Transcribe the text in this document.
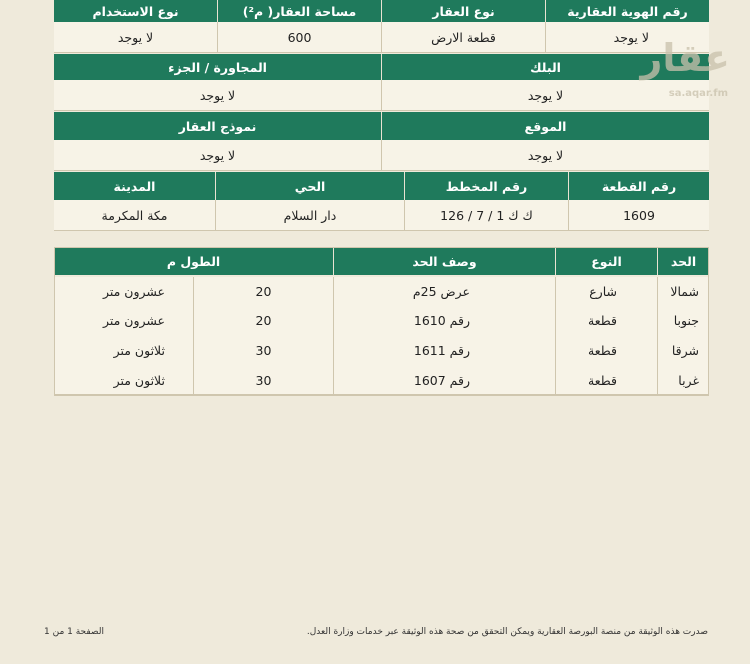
رقم الهوية العقارية
نوع العقار
مساحة العقار( م²)
نوع الاستخدام
لا يوجد
قطعة الارض
600
لا يوجد
البلك
المجاورة / الجزء
لا يوجد
لا يوجد
الموقع
نموذج العقار
لا يوجد
لا يوجد
رقم القطعة
رقم المخطط
الحي
المدينة
1609
ك ك 1 / 7 / 126
دار السلام
مكة المكرمة
الحد
النوع
وصف الحد
الطول م
شمالا
شارع
عرض 25م
20
عشرون متر
جنوبا
قطعة
رقم 1610
20
عشرون متر
شرقا
قطعة
رقم 1611
30
ثلاثون متر
غربا
قطعة
رقم 1607
30
ثلاثون متر
عقار
sa.aqar.fm
صدرت هذه الوثيقة من منصة البورصة العقارية ويمكن التحقق من صحة هذه الوثيقة عبر خدمات وزارة العدل.
الصفحة 1 من 1
